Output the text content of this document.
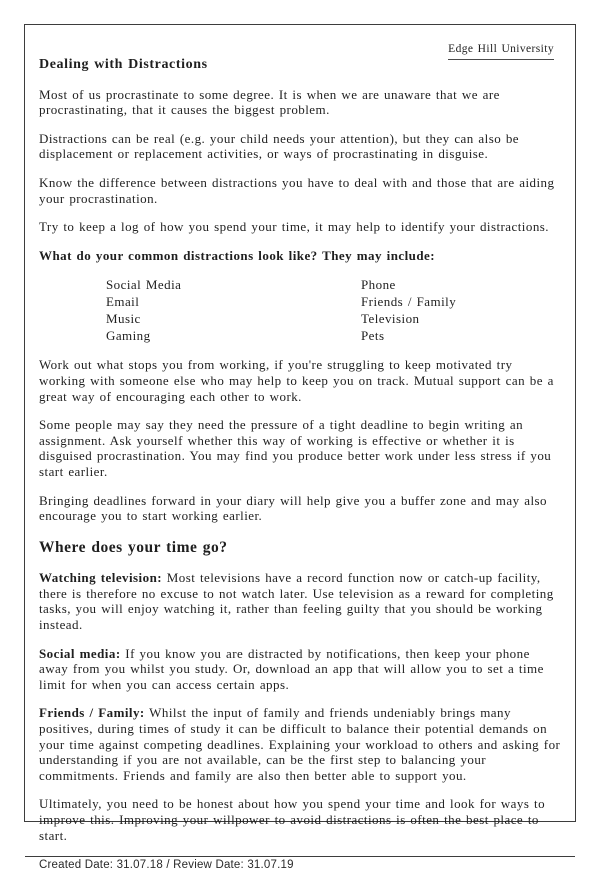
Edge Hill University
Dealing with Distractions

Most of us procrastinate to some degree. It is when we are unaware that we are procrastinating, that it causes the biggest problem.

Distractions can be real (e.g. your child needs your attention), but they can also be displacement or replacement activities, or ways of procrastinating in disguise.

Know the difference between distractions you have to deal with and those that are aiding your procrastination.

Try to keep a log of how you spend your time, it may help to identify your distractions.

What do your common distractions look like? They may include:

Social Media
Email
Music
Gaming
Phone
Friends / Family
Television
Pets

Work out what stops you from working, if you're struggling to keep motivated try working with someone else who may help to keep you on track. Mutual support can be a great way of encouraging each other to work.

Some people may say they need the pressure of a tight deadline to begin writing an assignment. Ask yourself whether this way of working is effective or whether it is disguised procrastination. You may find you produce better work under less stress if you start earlier.

Bringing deadlines forward in your diary will help give you a buffer zone and may also encourage you to start working earlier.

Where does your time go?

Watching television: Most televisions have a record function now or catch-up facility, there is therefore no excuse to not watch later. Use television as a reward for completing tasks, you will enjoy watching it, rather than feeling guilty that you should be working instead.

Social media: If you know you are distracted by notifications, then keep your phone away from you whilst you study. Or, download an app that will allow you to set a time limit for when you can access certain apps.

Friends / Family: Whilst the input of family and friends undeniably brings many positives, during times of study it can be difficult to balance their potential demands on your time against competing deadlines. Explaining your workload to others and asking for understanding if you are not available, can be the first step to balancing your commitments. Friends and family are also then better able to support you.

Ultimately, you need to be honest about how you spend your time and look for ways to improve this. Improving your willpower to avoid distractions is often the best place to start.

Created Date: 31.07.18 / Review Date: 31.07.19
